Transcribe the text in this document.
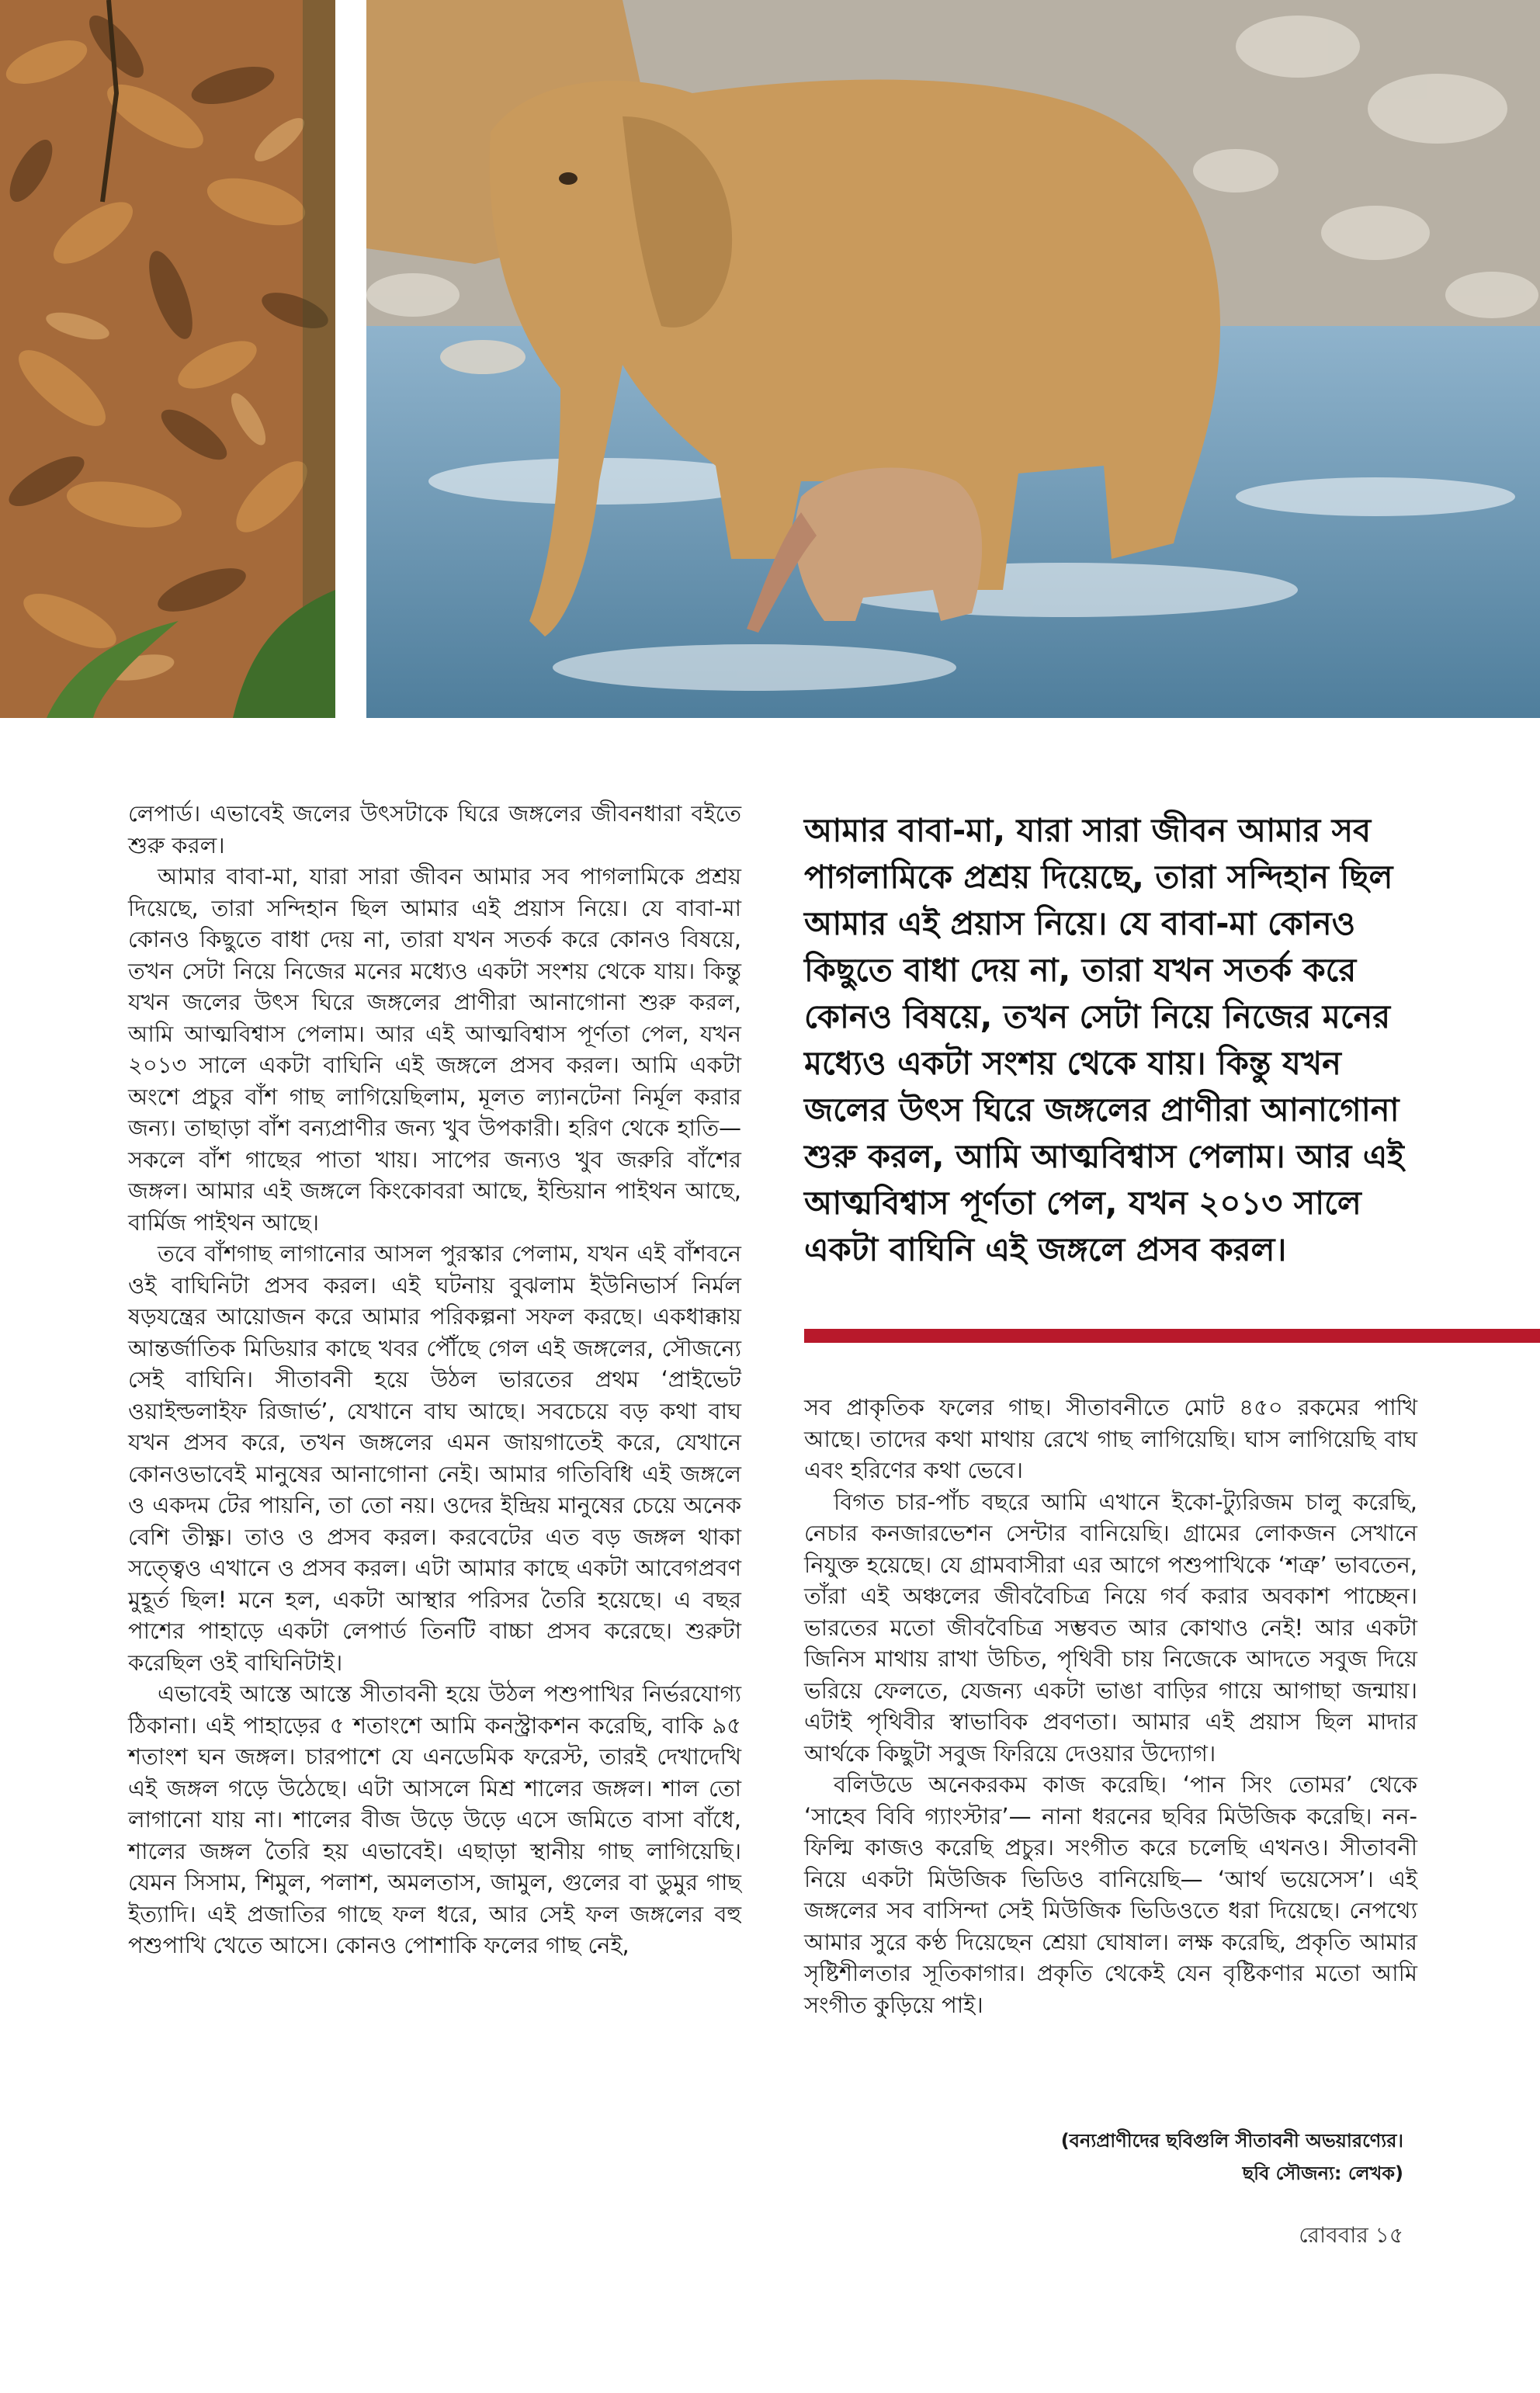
লেপার্ড। এভাবেই জলের উৎসটাকে ঘিরে জঙ্গলের জীবনধারা বইতে শুরু করল।

আমার বাবা-মা, যারা সারা জীবন আমার সব পাগলামিকে প্রশ্রয় দিয়েছে, তারা সন্দিহান ছিল আমার এই প্রয়াস নিয়ে। যে বাবা-মা কোনও কিছুতে বাধা দেয় না, তারা যখন সতর্ক করে কোনও বিষয়ে, তখন সেটা নিয়ে নিজের মনের মধ্যেও একটা সংশয় থেকে যায়। কিন্তু যখন জলের উৎস ঘিরে জঙ্গলের প্রাণীরা আনাগোনা শুরু করল, আমি আত্মবিশ্বাস পেলাম। আর এই আত্মবিশ্বাস পূর্ণতা পেল, যখন ২০১৩ সালে একটা বাঘিনি এই জঙ্গলে প্রসব করল। আমি একটা অংশে প্রচুর বাঁশ গাছ লাগিয়েছিলাম, মূলত ল্যানটেনা নির্মূল করার জন্য। তাছাড়া বাঁশ বন্যপ্রাণীর জন্য খুব উপকারী। হরিণ থেকে হাতি— সকলে বাঁশ গাছের পাতা খায়। সাপের জন্যও খুব জরুরি বাঁশের জঙ্গল। আমার এই জঙ্গলে কিংকোবরা আছে, ইন্ডিয়ান পাইথন আছে, বার্মিজ পাইথন আছে।

তবে বাঁশগাছ লাগানোর আসল পুরস্কার পেলাম, যখন এই বাঁশবনে ওই বাঘিনিটা প্রসব করল। এই ঘটনায় বুঝলাম ইউনিভার্স নির্মল ষড়যন্ত্রের আয়োজন করে আমার পরিকল্পনা সফল করছে। একধাক্কায় আন্তর্জাতিক মিডিয়ার কাছে খবর পৌঁছে গেল এই জঙ্গলের, সৌজন্যে সেই বাঘিনি। সীতাবনী হয়ে উঠল ভারতের প্রথম ‘প্রাইভেট ওয়াইল্ডলাইফ রিজার্ভ’, যেখানে বাঘ আছে। সবচেয়ে বড় কথা বাঘ যখন প্রসব করে, তখন জঙ্গলের এমন জায়গাতেই করে, যেখানে কোনওভাবেই মানুষের আনাগোনা নেই। আমার গতিবিধি এই জঙ্গলে ও একদম টের পায়নি, তা তো নয়। ওদের ইন্দ্রিয় মানুষের চেয়ে অনেক বেশি তীক্ষ্ণ। তাও ও প্রসব করল। করবেটের এত বড় জঙ্গল থাকা সত্ত্বেও এখানে ও প্রসব করল। এটা আমার কাছে একটা আবেগপ্রবণ মুহূর্ত ছিল! মনে হল, একটা আস্থার পরিসর তৈরি হয়েছে। এ বছর পাশের পাহাড়ে একটা লেপার্ড তিনটি বাচ্চা প্রসব করেছে। শুরুটা করেছিল ওই বাঘিনিটাই।

এভাবেই আস্তে আস্তে সীতাবনী হয়ে উঠল পশুপাখির নির্ভরযোগ্য ঠিকানা। এই পাহাড়ের ৫ শতাংশে আমি কনস্ট্রাকশন করেছি, বাকি ৯৫ শতাংশ ঘন জঙ্গল। চারপাশে যে এনডেমিক ফরেস্ট, তারই দেখাদেখি এই জঙ্গল গড়ে উঠেছে। এটা আসলে মিশ্র শালের জঙ্গল। শাল তো লাগানো যায় না। শালের বীজ উড়ে উড়ে এসে জমিতে বাসা বাঁধে, শালের জঙ্গল তৈরি হয় এভাবেই। এছাড়া স্থানীয় গাছ লাগিয়েছি। যেমন সিসাম, শিমুল, পলাশ, অমলতাস, জামুল, গুলের বা ডুমুর গাছ ইত্যাদি। এই প্রজাতির গাছে ফল ধরে, আর সেই ফল জঙ্গলের বহু পশুপাখি খেতে আসে। কোনও পোশাকি ফলের গাছ নেই,

আমার বাবা-মা, যারা সারা জীবন আমার সব পাগলামিকে প্রশ্রয় দিয়েছে, তারা সন্দিহান ছিল আমার এই প্রয়াস নিয়ে। যে বাবা-মা কোনও কিছুতে বাধা দেয় না, তারা যখন সতর্ক করে কোনও বিষয়ে, তখন সেটা নিয়ে নিজের মনের মধ্যেও একটা সংশয় থেকে যায়। কিন্তু যখন জলের উৎস ঘিরে জঙ্গলের প্রাণীরা আনাগোনা শুরু করল, আমি আত্মবিশ্বাস পেলাম। আর এই আত্মবিশ্বাস পূর্ণতা পেল, যখন ২০১৩ সালে একটা বাঘিনি এই জঙ্গলে প্রসব করল।

সব প্রাকৃতিক ফলের গাছ। সীতাবনীতে মোট ৪৫০ রকমের পাখি আছে। তাদের কথা মাথায় রেখে গাছ লাগিয়েছি। ঘাস লাগিয়েছি বাঘ এবং হরিণের কথা ভেবে।

বিগত চার-পাঁচ বছরে আমি এখানে ইকো-ট্যুরিজম চালু করেছি, নেচার কনজারভেশন সেন্টার বানিয়েছি। গ্রামের লোকজন সেখানে নিযুক্ত হয়েছে। যে গ্রামবাসীরা এর আগে পশুপাখিকে ‘শত্রু’ ভাবতেন, তাঁরা এই অঞ্চলের জীববৈচিত্র নিয়ে গর্ব করার অবকাশ পাচ্ছেন। ভারতের মতো জীববৈচিত্র সম্ভবত আর কোথাও নেই! আর একটা জিনিস মাথায় রাখা উচিত, পৃথিবী চায় নিজেকে আদতে সবুজ দিয়ে ভরিয়ে ফেলতে, যেজন্য একটা ভাঙা বাড়ির গায়ে আগাছা জন্মায়। এটাই পৃথিবীর স্বাভাবিক প্রবণতা। আমার এই প্রয়াস ছিল মাদার আর্থকে কিছুটা সবুজ ফিরিয়ে দেওয়ার উদ্যোগ।

বলিউডে অনেকরকম কাজ করেছি। ‘পান সিং তোমর’ থেকে ‘সাহেব বিবি গ্যাংস্টার’— নানা ধরনের ছবির মিউজিক করেছি। নন-ফিল্মি কাজও করেছি প্রচুর। সংগীত করে চলেছি এখনও। সীতাবনী নিয়ে একটা মিউজিক ভিডিও বানিয়েছি— ‘আর্থ ভয়েসেস’। এই জঙ্গলের সব বাসিন্দা সেই মিউজিক ভিডিওতে ধরা দিয়েছে। নেপথ্যে আমার সুরে কণ্ঠ দিয়েছেন শ্রেয়া ঘোষাল। লক্ষ করেছি, প্রকৃতি আমার সৃষ্টিশীলতার সূতিকাগার। প্রকৃতি থেকেই যেন বৃষ্টিকণার মতো আমি সংগীত কুড়িয়ে পাই।

(বন্যপ্রাণীদের ছবিগুলি সীতাবনী অভয়ারণ্যের।
ছবি সৌজন্য: লেখক)
রোববার ১৫
